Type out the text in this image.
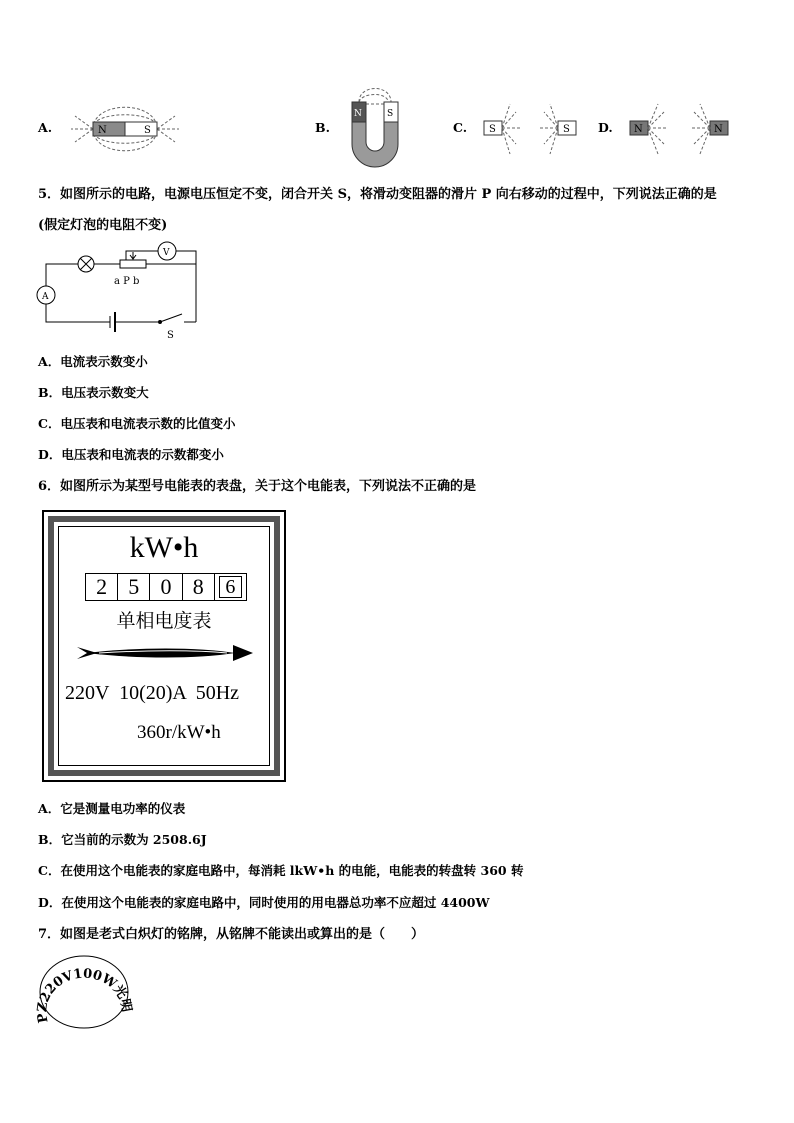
A.	N	S	B.
N	S
C. S	S D. N	N
5．如图所示的电路，电源电压恒定不变，闭合开关 S，将滑动变阻器的滑片 P 向右移动的过程中，下列说法正确的是
(假定灯泡的电阻不变)
V
A
a P b
S
A．电流表示数变小
B．电压表示数变大
C．电压表和电流表示数的比值变小
D．电压表和电流表的示数都变小
6．如图所示为某型号电能表的表盘，关于这个电能表，下列说法不正确的是
kW•h
2 5 0 8	6
单相电度表
220V  10(20)A  50Hz
360r/kW•h
A．它是测量电功率的仪表
B．它当前的示数为 2508.6J
C．在使用这个电能表的家庭电路中，每消耗 lkW•h 的电能，电能表的转盘转 360 转
D．在使用这个电能表的家庭电路中，同时使用的用电器总功率不应超过 4400W
7．如图是老式白炽灯的铭牌，从铭牌不能读出或算出的是（　　）
PZ220V100W光明牌
